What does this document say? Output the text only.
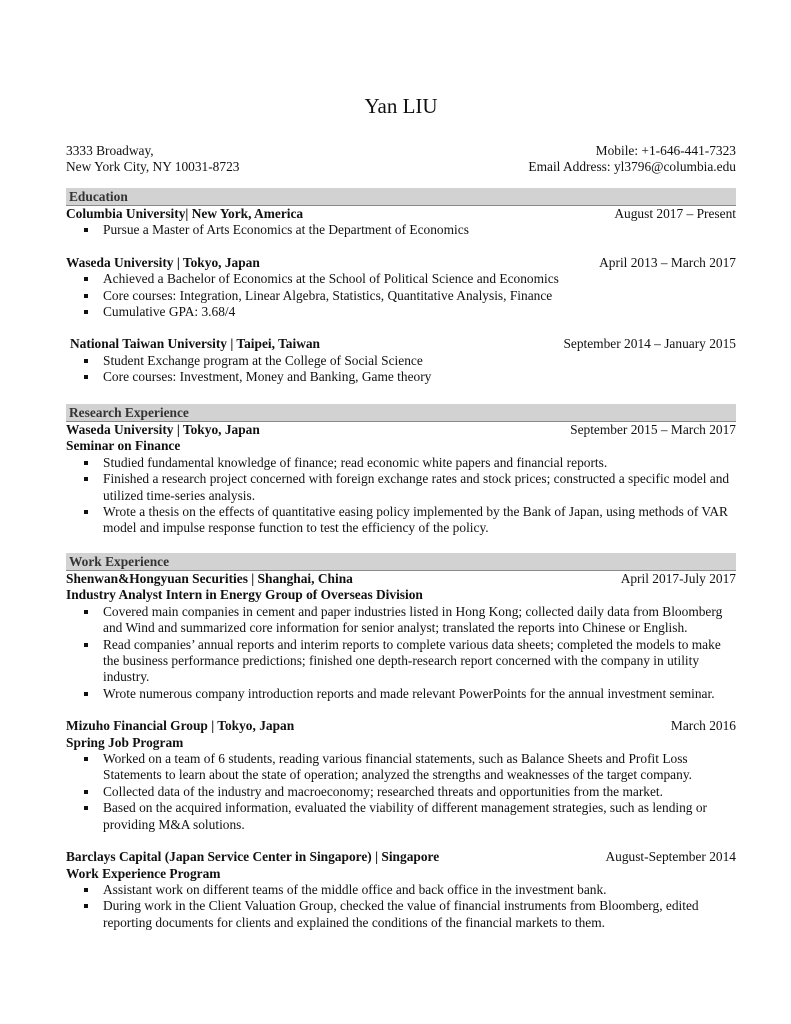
Yan LIU
3333 Broadway,
New York City, NY 10031-8723
Mobile: +1-646-441-7323
Email Address: yl3796@columbia.edu
Education
Columbia University| New York, America	August 2017 – Present
Pursue a Master of Arts Economics at the Department of Economics
Waseda University | Tokyo, Japan	April 2013 – March 2017
Achieved a Bachelor of Economics at the School of Political Science and Economics
Core courses: Integration, Linear Algebra, Statistics, Quantitative Analysis, Finance
Cumulative GPA: 3.68/4
National Taiwan University | Taipei, Taiwan	September 2014 – January 2015
Student Exchange program at the College of Social Science
Core courses: Investment, Money and Banking, Game theory
Research Experience
Waseda University | Tokyo, Japan	September 2015 – March 2017
Seminar on Finance
Studied fundamental knowledge of finance; read economic white papers and financial reports.
Finished a research project concerned with foreign exchange rates and stock prices; constructed a specific model and utilized time-series analysis.
Wrote a thesis on the effects of quantitative easing policy implemented by the Bank of Japan, using methods of VAR model and impulse response function to test the efficiency of the policy.
Work Experience
Shenwan&Hongyuan Securities | Shanghai, China	April 2017-July 2017
Industry Analyst Intern in Energy Group of Overseas Division
Covered main companies in cement and paper industries listed in Hong Kong; collected daily data from Bloomberg and Wind and summarized core information for senior analyst; translated the reports into Chinese or English.
Read companies’ annual reports and interim reports to complete various data sheets; completed the models to make the business performance predictions; finished one depth-research report concerned with the company in utility industry.
Wrote numerous company introduction reports and made relevant PowerPoints for the annual investment seminar.
Mizuho Financial Group | Tokyo, Japan	March 2016
Spring Job Program
Worked on a team of 6 students, reading various financial statements, such as Balance Sheets and Profit Loss Statements to learn about the state of operation; analyzed the strengths and weaknesses of the target company.
Collected data of the industry and macroeconomy; researched threats and opportunities from the market.
Based on the acquired information, evaluated the viability of different management strategies, such as lending or providing M&A solutions.
Barclays Capital (Japan Service Center in Singapore) | Singapore	August-September 2014
Work Experience Program
Assistant work on different teams of the middle office and back office in the investment bank.
During work in the Client Valuation Group, checked the value of financial instruments from Bloomberg, edited reporting documents for clients and explained the conditions of the financial markets to them.
